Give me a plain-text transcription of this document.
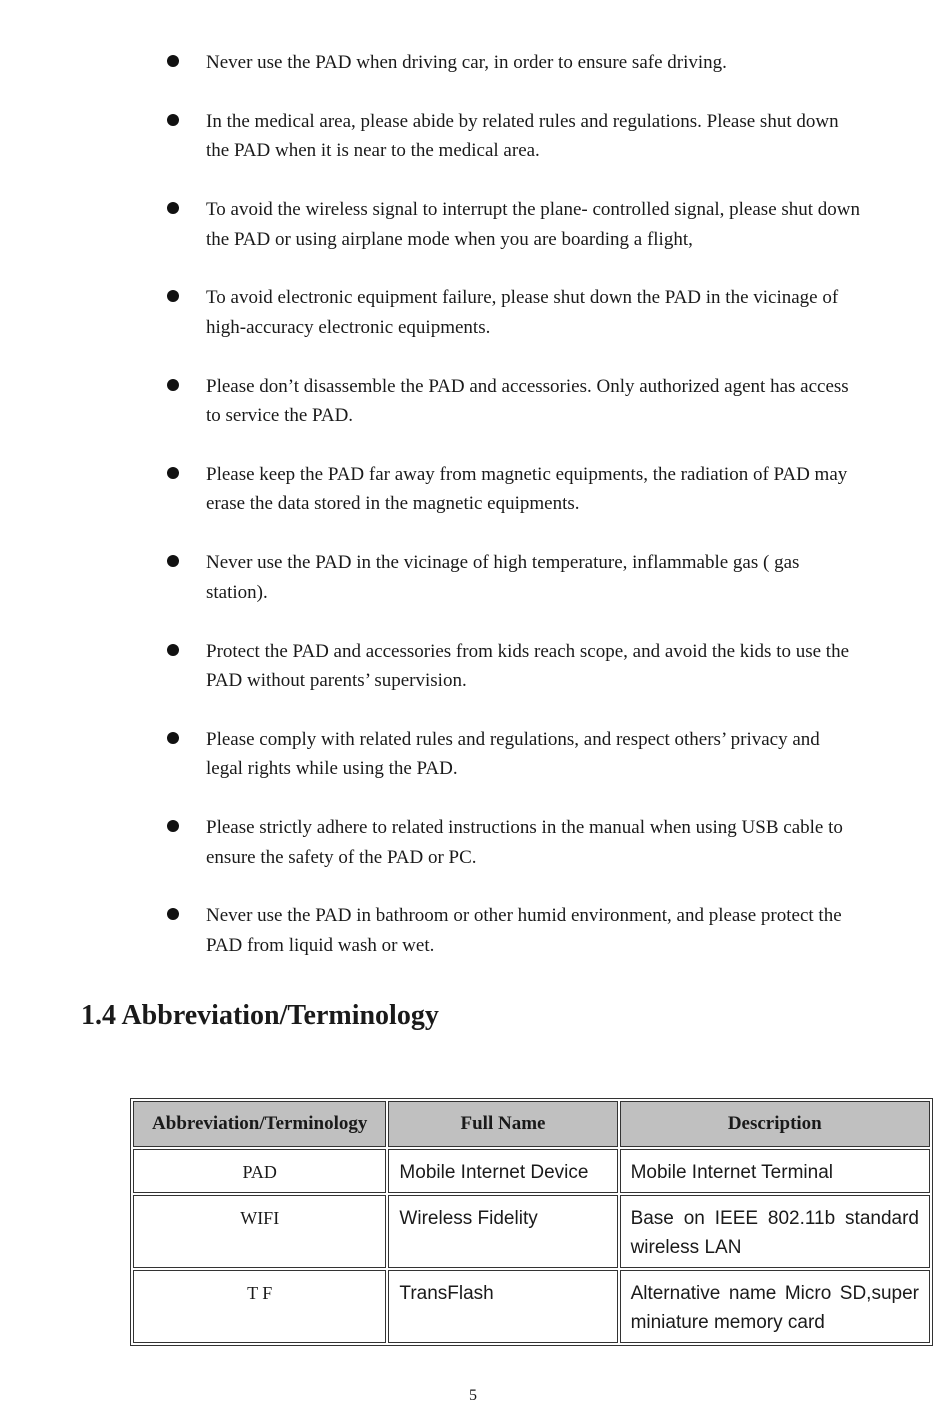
Never use the PAD when driving car, in order to ensure safe driving.
In the medical area, please abide by related rules and regulations. Please shut down the PAD when it is near to the medical area.
To avoid the wireless signal to interrupt the plane- controlled signal, please shut down the PAD or using airplane mode when you are boarding a flight,
To avoid electronic equipment failure, please shut down the PAD in the vicinage of high-accuracy electronic equipments.
Please don’t disassemble the PAD and accessories. Only authorized agent has access to service the PAD.
Please keep the PAD far away from magnetic equipments, the radiation of PAD may erase the data stored in the magnetic equipments.
Never use the PAD in the vicinage of high temperature, inflammable gas ( gas station).
Protect the PAD and accessories from kids reach scope, and avoid the kids to use the PAD without parents’ supervision.
Please comply with related rules and regulations, and respect others’ privacy and legal rights while using the PAD.
Please strictly adhere to related instructions in the manual when using USB cable to ensure the safety of the PAD or PC.
Never use the PAD in bathroom or other humid environment, and please protect the PAD from liquid wash or wet.
1.4 Abbreviation/Terminology
Abbreviation/Terminology	Full Name	Description
PAD	Mobile Internet Device	Mobile Internet Terminal
WIFI	Wireless Fidelity	Base on IEEE 802.11b standard wireless LAN
T F	TransFlash	Alternative name Micro SD,super miniature memory card
5
